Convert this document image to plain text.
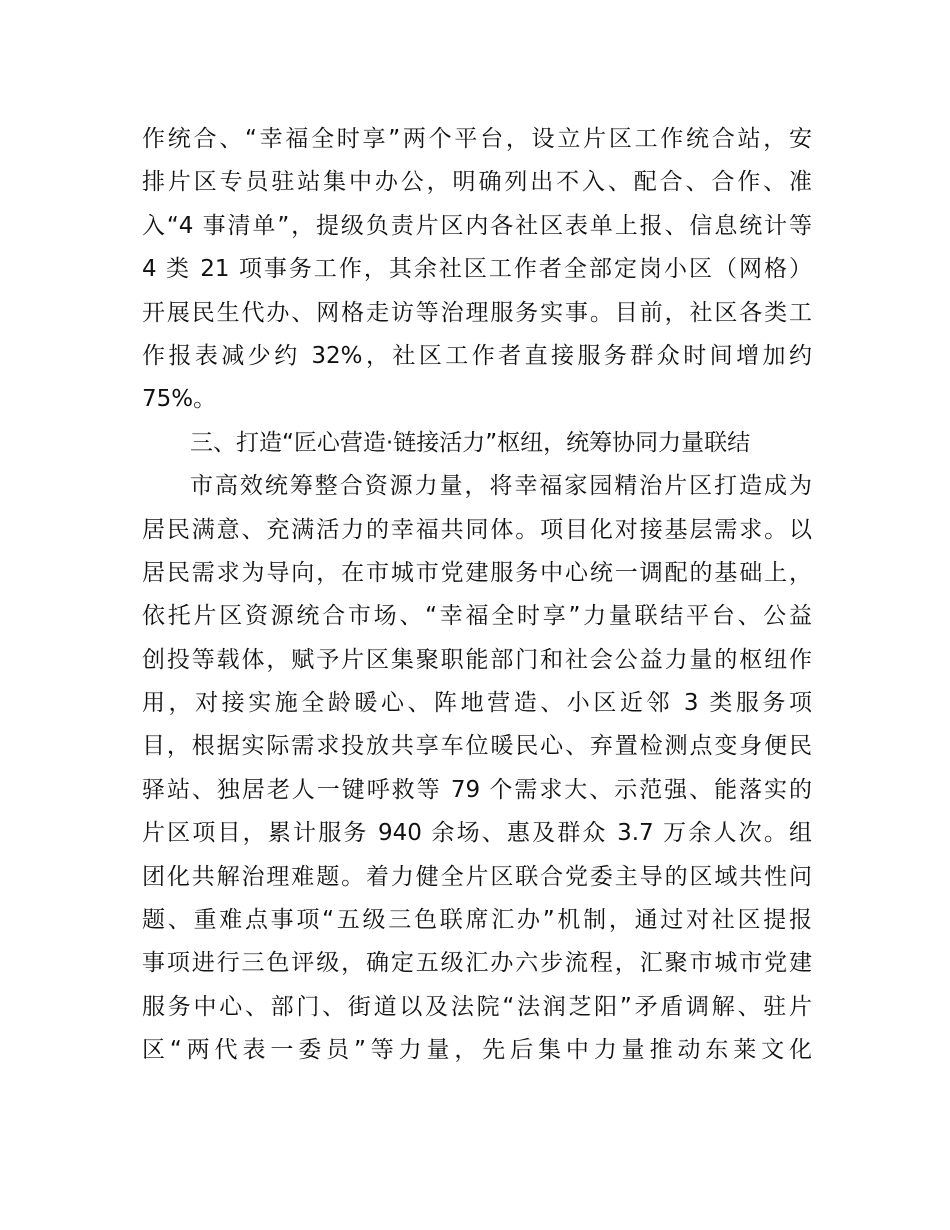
作统合、“幸福全时享”两个平台，设立片区工作统合站，安
排片区专员驻站集中办公，明确列出不入、配合、合作、准
入“4 事清单”，提级负责片区内各社区表单上报、信息统计等
4 类 21 项事务工作，其余社区工作者全部定岗小区（网格）
开展民生代办、网格走访等治理服务实事。目前，社区各类工
作报表减少约 32%，社区工作者直接服务群众时间增加约
75%。
三、打造“匠心营造·链接活力”枢纽，统筹协同力量联结
市高效统筹整合资源力量，将幸福家园精治片区打造成为
居民满意、充满活力的幸福共同体。项目化对接基层需求。以
居民需求为导向，在市城市党建服务中心统一调配的基础上，
依托片区资源统合市场、“幸福全时享”力量联结平台、公益
创投等载体，赋予片区集聚职能部门和社会公益力量的枢纽作
用，对接实施全龄暖心、阵地营造、小区近邻 3 类服务项
目，根据实际需求投放共享车位暖民心、弃置检测点变身便民
驿站、独居老人一键呼救等 79 个需求大、示范强、能落实的
片区项目，累计服务 940 余场、惠及群众 3.7 万余人次。组
团化共解治理难题。着力健全片区联合党委主导的区域共性问
题、重难点事项“五级三色联席汇办”机制，通过对社区提报
事项进行三色评级，确定五级汇办六步流程，汇聚市城市党建
服务中心、部门、街道以及法院“法润芝阳”矛盾调解、驻片
区“两代表一委员”等力量，先后集中力量推动东莱文化
